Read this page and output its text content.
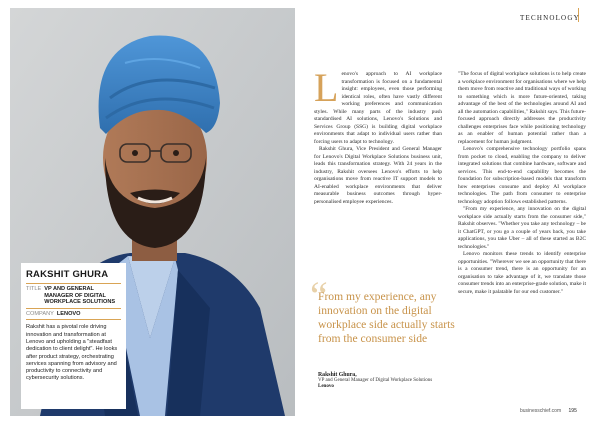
RAKSHIT GHURA
TITLE VP AND GENERAL MANAGER OF DIGITAL WORKPLACE SOLUTIONS
COMPANY LENOVO
Rakshit has a pivotal role driving innovation and transformation at Lenovo and upholding a "steadfast dedication to client delight". He looks after product strategy, orchestrating services spanning from advisory and productivity to connectivity and cybersecurity solutions.
TECHNOLOGY

Lenovo's approach to AI workplace transformation is focused on a fundamental insight: employees, even those performing identical roles, often have vastly different working preferences and communication styles. While many parts of the industry push standardised AI solutions, Lenovo's Solutions and Services Group (SSG) is building digital workplace environments that adapt to individual users rather than forcing users to adapt to technology.

Rakshit Ghura, Vice President and General Manager for Lenovo's Digital Workplace Solutions business unit, leads this transformation strategy. With 24 years in the industry, Rakshit oversees Lenovo's efforts to help organisations move from reactive IT support models to AI-enabled workplace environments that deliver measurable business outcomes through hyper-personalised employee experiences.

"The focus of digital workplace solutions is to help create a workplace environment for organisations where we help them move from reactive and traditional ways of working to something which is more future-oriented, taking advantage of the best of the technologies around AI and all the automation capabilities," Rakshit says. This future-focused approach directly addresses the productivity challenges enterprises face while positioning technology as an enabler of human potential rather than a replacement for human judgment.

Lenovo's comprehensive technology portfolio spans from pocket to cloud, enabling the company to deliver integrated solutions that combine hardware, software and services. This end-to-end capability becomes the foundation for subscription-based models that transform how enterprises consume and deploy AI workplace technologies. The path from consumer to enterprise technology adoption follows established patterns.

"From my experience, any innovation on the digital workplace side actually starts from the consumer side," Rakshit observes. "Whether you take any technology – be it ChatGPT, or you go a couple of years back, you take applications, you take Uber – all of these started as B2C technologies."

Lenovo monitors these trends to identify enterprise opportunities. "Wherever we see an opportunity that there is a consumer trend, there is an opportunity for an organisation to take advantage of it, we translate those consumer trends into an enterprise-grade solution, make it secure, make it palatable for our end customer."

“
From my experience, any innovation on the digital workplace side actually starts from the consumer side
Rakshit Ghura,
VP and General Manager of Digital Workplace Solutions
Lenovo
businesschief.com 195
